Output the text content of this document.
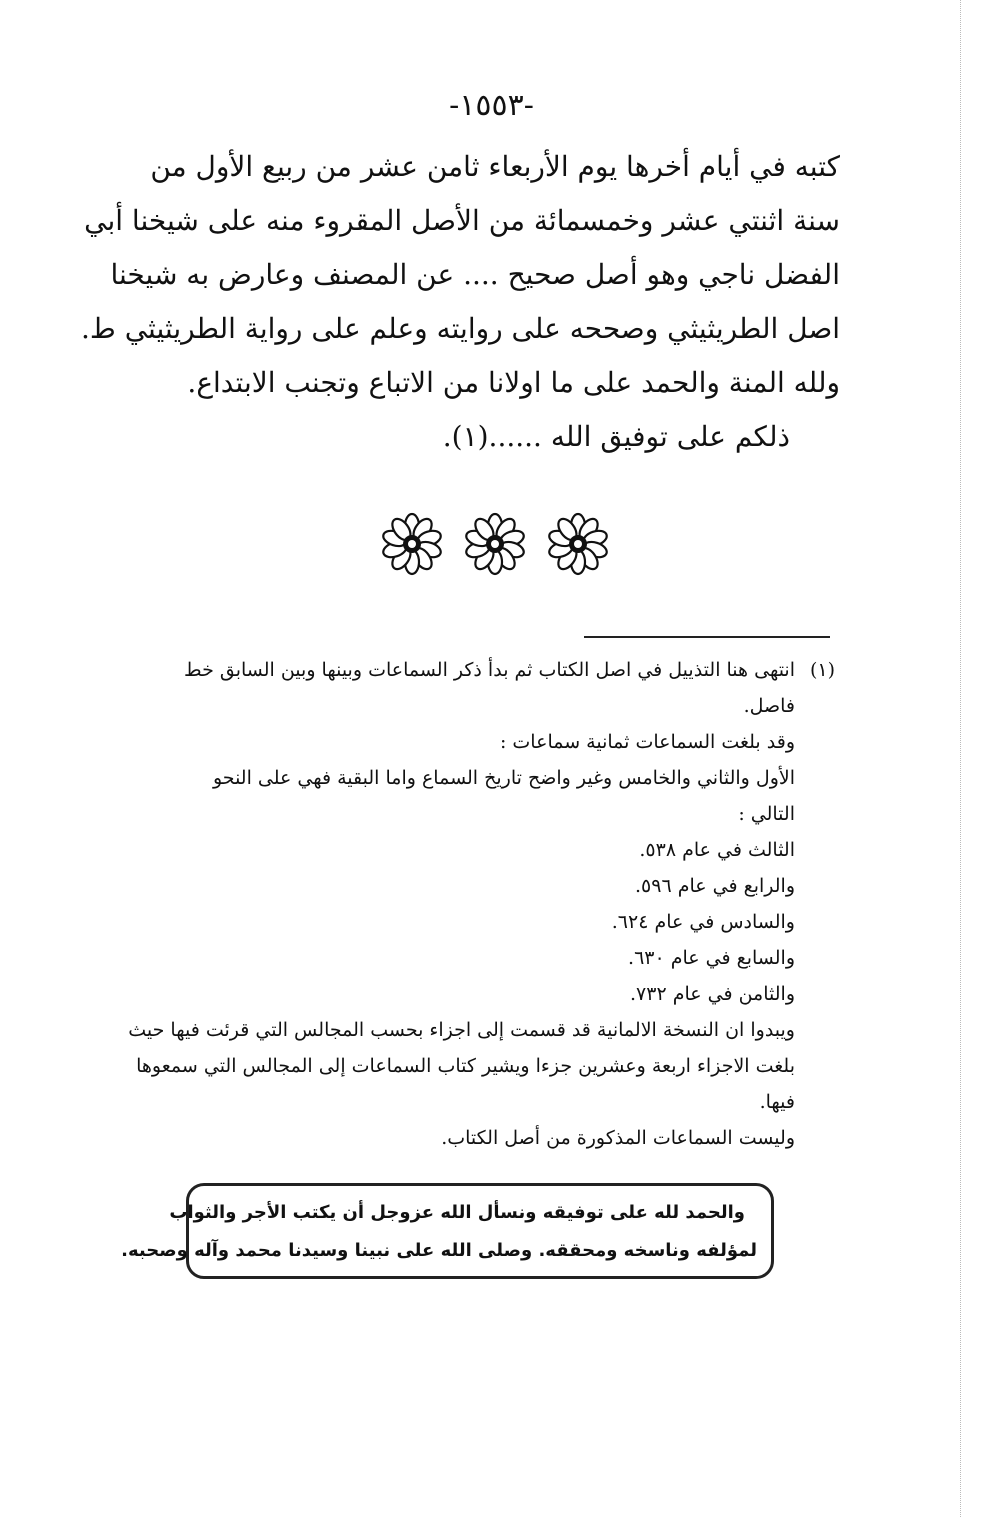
-١٥٥٣-
كتبه في أيام أخرها يوم الأربعاء ثامن عشر من ربيع الأول من
سنة اثنتي عشر وخمسمائة من الأصل المقروء منه على شيخنا أبي
الفضل ناجي وهو أصل صحيح .... عن المصنف وعارض به شيخنا
اصل الطريثيثي وصححه على روايته وعلم على رواية الطريثيثي ط.
ولله المنة والحمد على ما اولانا من الاتباع وتجنب الابتداع.
ذلكم على توفيق الله ......(١).
(١)انتهى هنا التذييل في اصل الكتاب ثم بدأ ذكر السماعات وبينها وبين السابق خط
فاصل.
وقد بلغت السماعات ثمانية سماعات :
الأول والثاني والخامس وغير واضح تاريخ السماع واما البقية فهي على النحو
التالي :
الثالث في عام ٥٣٨.
والرابع في عام ٥٩٦.
والسادس في عام ٦٢٤.
والسابع في عام ٦٣٠.
والثامن في عام ٧٣٢.
ويبدوا ان النسخة الالمانية قد قسمت إلى اجزاء بحسب المجالس التي قرئت فيها حيث
بلغت الاجزاء اربعة وعشرين جزءا ويشير كتاب السماعات إلى المجالس التي سمعوها
فيها.
وليست السماعات المذكورة من أصل الكتاب.
والحمد لله على توفيقه ونسأل الله عزوجل أن يكتب الأجر والثواب
لمؤلفه وناسخه ومحققه. وصلى الله على نبينا وسيدنا محمد وآله وصحبه.
